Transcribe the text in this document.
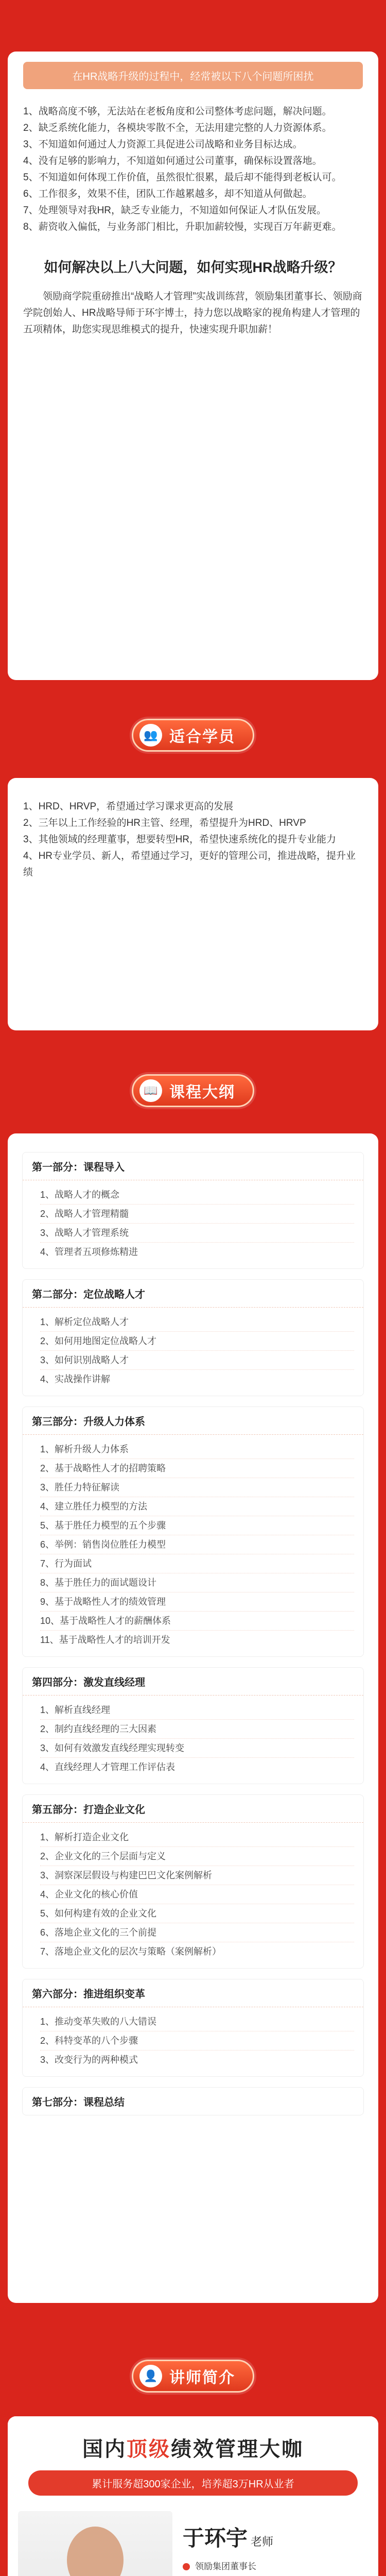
在HR战略升级的过程中，经常被以下八个问题所困扰
1、战略高度不够，无法站在老板角度和公司整体考虑问题，解决问题。
2、缺乏系统化能力，各模块零散不全，无法用建完整的人力资源体系。
3、不知道如何通过人力资源工具促进公司战略和业务目标达成。
4、没有足够的影响力，不知道如何通过公司董事，确保标设置落地。
5、不知道如何体现工作价值，虽然很忙很累，最后却不能得到老板认可。
6、工作很多，效果不佳，团队工作越累越多，却不知道从何做起。
7、处理领导对我HR，缺乏专业能力，不知道如何保证人才队伍发展。
8、薪资收入偏低，与业务部门相比，升职加薪较慢，实现百万年薪更难。
如何解决以上八大问题，如何实现HR战略升级？

领励商学院重磅推出“战略人才管理”实战训练营，领励集团董事长、领励商学院创始人、HR战略导师于环宇博士，持力您以战略家的视角构建人才管理的五项精体，助您实现思维模式的提升，快速实现升职加薪！

👥 适合学员
1、HRD、HRVP，希望通过学习课求更高的发展
2、三年以上工作经验的HR主管、经理，希望提升为HRD、HRVP
3、其他领域的经理董事，想要转型HR，希望快速系统化的提升专业能力
4、HR专业学员、新人，希望通过学习，更好的管理公司，推进战略，提升业绩
📖 课程大纲
第一部分：课程导入
1、战略人才的概念
2、战略人才管理精髓
3、战略人才管理系统
4、管理者五项修炼精进
第二部分：定位战略人才
1、解析定位战略人才
2、如何用地图定位战略人才
3、如何识别战略人才
4、实战操作讲解
第三部分：升级人力体系
1、解析升级人力体系
2、基于战略性人才的招聘策略
3、胜任力特征解读
4、建立胜任力模型的方法
5、基于胜任力模型的五个步骤
6、举例：销售岗位胜任力模型
7、行为面试
8、基于胜任力的面试题设计
9、基于战略性人才的绩效管理
10、基于战略性人才的薪酬体系
11、基于战略性人才的培训开发
第四部分：激发直线经理
1、解析直线经理
2、制约直线经理的三大因素
3、如何有效激发直线经理实现转变
4、直线经理人才管理工作评估表
第五部分：打造企业文化
1、解析打造企业文化
2、企业文化的三个层面与定义
3、洞察深层假设与构建巴巴文化案例解析
4、企业文化的核心价值
5、如何构建有效的企业文化
6、落地企业文化的三个前提
7、落地企业文化的层次与策略（案例解析）
第六部分：推进组织变革
1、推动变革失败的八大错误
2、科特变革的八个步骤
3、改变行为的两种模式
第七部分：课程总结
👤 讲师简介
国内顶级绩效管理大咖
累计服务超300家企业，培养超3万HR从业者
于环宇 老师
领励集团董事长
